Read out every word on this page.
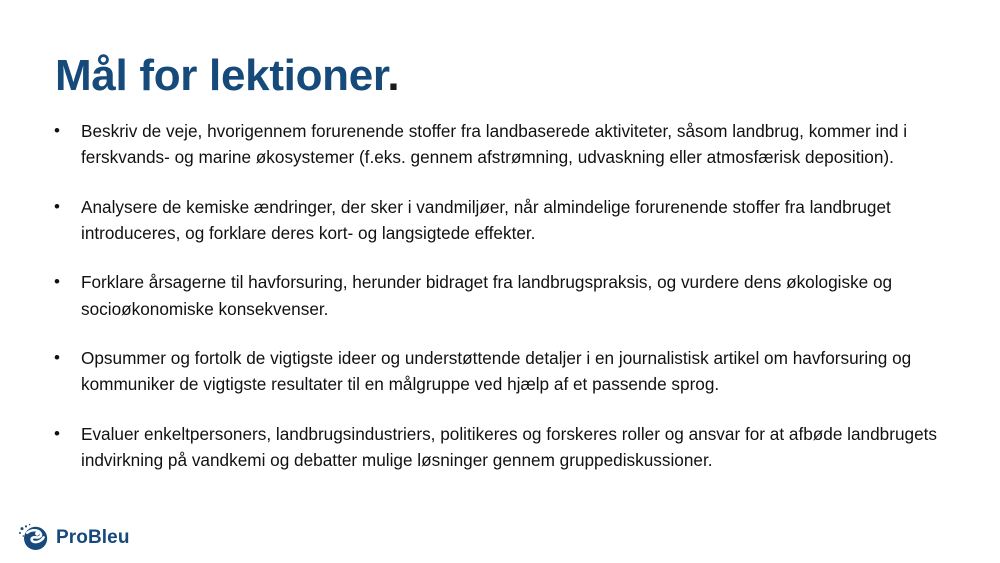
Mål for lektioner.
•	Beskriv de veje, hvorigennem forurenende stoffer fra landbaserede aktiviteter, såsom landbrug, kommer ind i ferskvands- og marine økosystemer (f.eks. gennem afstrømning, udvaskning eller atmosfærisk deposition).
•	Analysere de kemiske ændringer, der sker i vandmiljøer, når almindelige forurenende stoffer fra landbruget introduceres, og forklare deres kort- og langsigtede effekter.
•	Forklare årsagerne til havforsuring, herunder bidraget fra landbrugspraksis, og vurdere dens økologiske og socioøkonomiske konsekvenser.
•	Opsummer og fortolk de vigtigste ideer og understøttende detaljer i en journalistisk artikel om havforsuring og kommuniker de vigtigste resultater til en målgruppe ved hjælp af et passende sprog.
•	Evaluer enkeltpersoners, landbrugsindustriers, politikeres og forskeres roller og ansvar for at afbøde landbrugets indvirkning på vandkemi og debatter mulige løsninger gennem gruppediskussioner.
ProBleu
